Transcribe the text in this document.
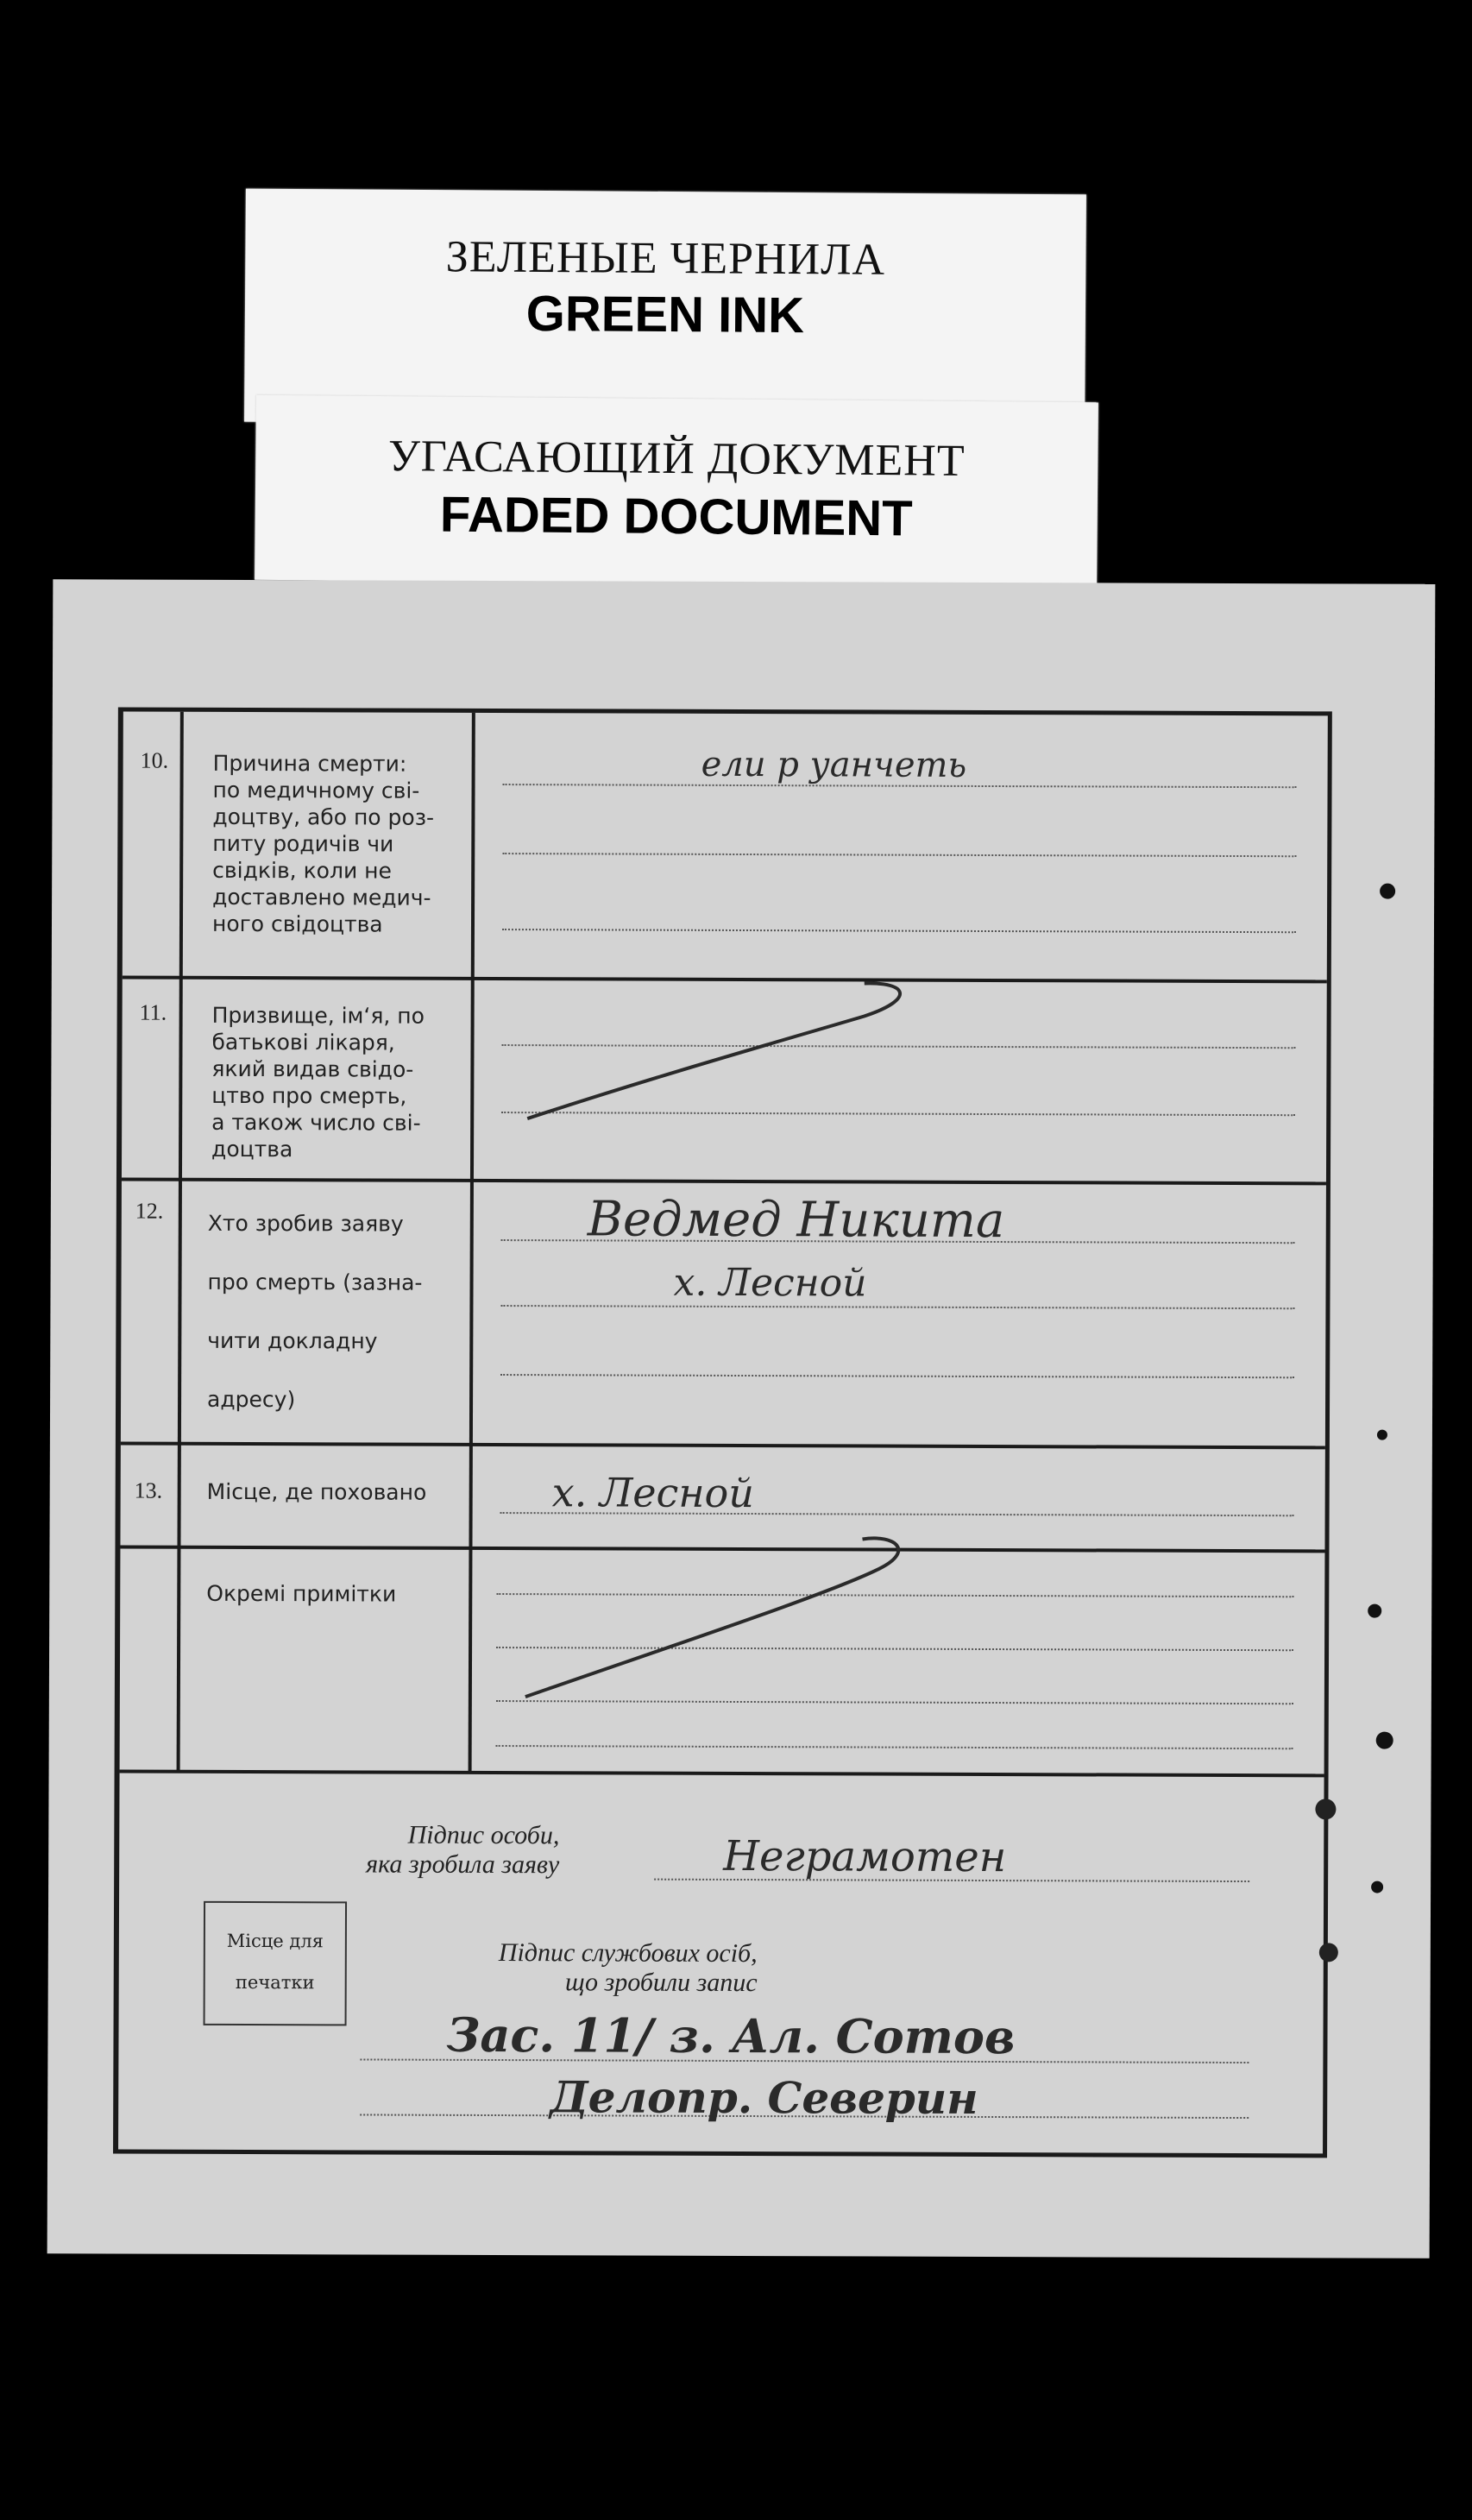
ЗЕЛЕНЫЕ ЧЕРНИЛА
GREEN INK
УГАСАЮЩИЙ ДОКУМЕНТ
FADED DOCUMENT
10. Причина смерти:
по медичному сві-
доцтву, або по роз-
питу родичів чи
свідків, коли не
доставлено медич-
ного свідоцтва
ели р уанчеть
11. Призвище, ім‘я, по
батькові лікаря,
який видав свідо-
цтво про смерть,
а також число сві-
доцтва
12. Хто зробив заяву

про смерть (зазна-

чити докладну

адресу)
Ведмед Никита
х. Лесной
13. Місце, де поховано	х. Лесной
Окремі примітки
Підпис особи,
яка зробила заяву	Неграмотен
Місце для
печатки
Підпис службових осіб,
що зробили запис
Зас. 11/ з. Ал. Сотов
Делопр. Северин
